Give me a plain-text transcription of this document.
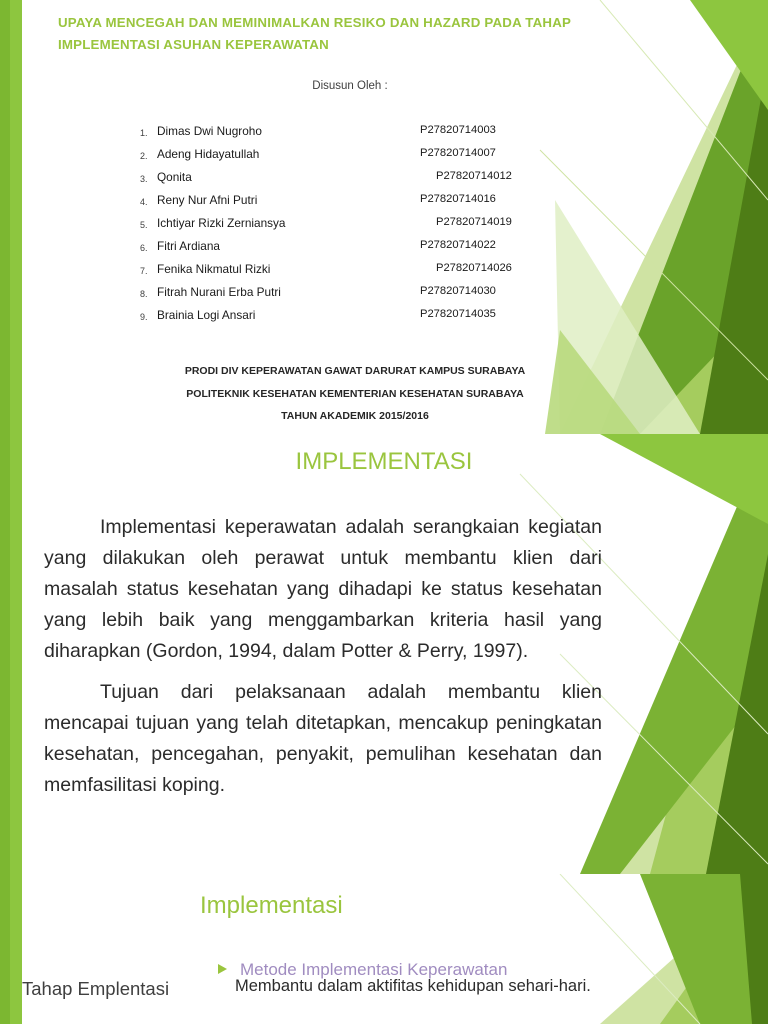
UPAYA MENCEGAH DAN MEMINIMALKAN RESIKO DAN HAZARD PADA TAHAP IMPLEMENTASI ASUHAN KEPERAWATAN
Disusun Oleh :
1. Dimas Dwi Nugroho	P27820714003
2. Adeng Hidayatullah	P27820714007
3. Qonita	P27820714012
4. Reny Nur Afni Putri	P27820714016
5. Ichtiyar Rizki Zerniansya	P27820714019
6. Fitri Ardiana	P27820714022
7. Fenika Nikmatul Rizki	P27820714026
8. Fitrah Nurani Erba Putri	P27820714030
9. Brainia Logi Ansari	P27820714035
PRODI DIV KEPERAWATAN GAWAT DARURAT KAMPUS SURABAYA
POLITEKNIK KESEHATAN KEMENTERIAN KESEHATAN SURABAYA
TAHUN AKADEMIK 2015/2016
IMPLEMENTASI

Implementasi keperawatan adalah serangkaian kegiatan yang dilakukan oleh perawat untuk membantu klien dari masalah status kesehatan yang dihadapi ke status kesehatan yang lebih baik yang menggambarkan kriteria hasil yang diharapkan (Gordon, 1994, dalam Potter & Perry, 1997).

Tujuan dari pelaksanaan adalah membantu klien mencapai tujuan yang telah ditetapkan, mencakup peningkatan kesehatan, pencegahan, penyakit, pemulihan kesehatan dan memfasilitasi koping.

Implementasi
Metode Implementasi Keperawatan
Membantu dalam aktifitas kehidupan sehari-hari.
Tahap Emplentasi
